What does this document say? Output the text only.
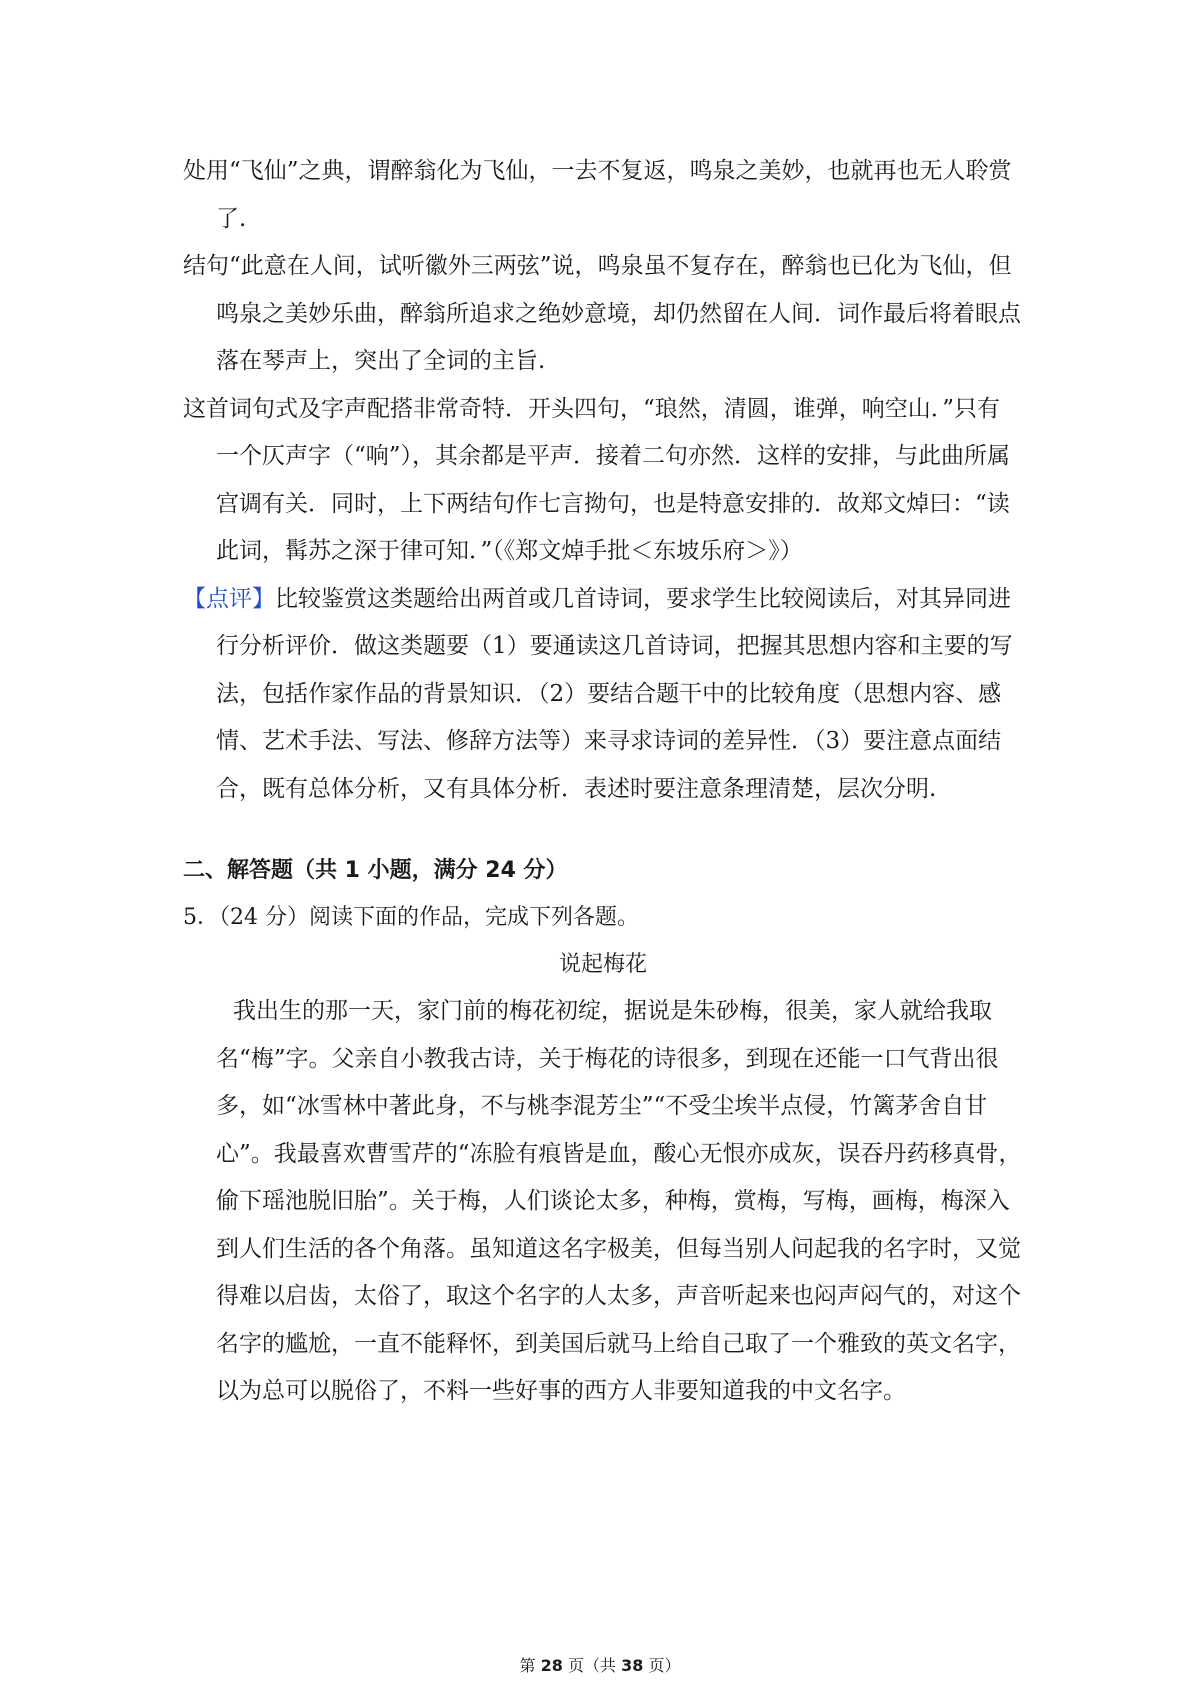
处用“飞仙”之典，谓醉翁化为飞仙，一去不复返，鸣泉之美妙，也就再也无人聆赏了.

结句“此意在人间，试听徽外三两弦”说，鸣泉虽不复存在，醉翁也已化为飞仙，但鸣泉之美妙乐曲，醉翁所追求之绝妙意境，却仍然留在人间．词作最后将着眼点落在琴声上，突出了全词的主旨.

这首词句式及字声配搭非常奇特．开头四句，“琅然，清圆，谁弹，响空山．”只有一个仄声字（“响”），其余都是平声．接着二句亦然．这样的安排，与此曲所属宫调有关．同时，上下两结句作七言拗句，也是特意安排的．故郑文焯曰：“读此词，髯苏之深于律可知．”（《郑文焯手批＜东坡乐府＞》）

【点评】比较鉴赏这类题给出两首或几首诗词，要求学生比较阅读后，对其异同进行分析评价．做这类题要（1）要通读这几首诗词，把握其思想内容和主要的写法，包括作家作品的背景知识．（2）要结合题干中的比较角度（思想内容、感情、艺术手法、写法、修辞方法等）来寻求诗词的差异性．（3）要注意点面结合，既有总体分析，又有具体分析．表述时要注意条理清楚，层次分明.

二、解答题（共 1 小题，满分 24 分）

5．（24 分）阅读下面的作品，完成下列各题。

说起梅花

我出生的那一天，家门前的梅花初绽，据说是朱砂梅，很美，家人就给我取名“梅”字。父亲自小教我古诗，关于梅花的诗很多，到现在还能一口气背出很多，如“冰雪林中著此身，不与桃李混芳尘”“不受尘埃半点侵，竹篱茅舍自甘心”。我最喜欢曹雪芹的“冻脸有痕皆是血，酸心无恨亦成灰，误吞丹药移真骨，偷下瑶池脱旧胎”。关于梅，人们谈论太多，种梅，赏梅，写梅，画梅，梅深入到人们生活的各个角落。虽知道这名字极美，但每当别人问起我的名字时，又觉得难以启齿，太俗了，取这个名字的人太多，声音听起来也闷声闷气的，对这个名字的尴尬，一直不能释怀，到美国后就马上给自己取了一个雅致的英文名字，以为总可以脱俗了，不料一些好事的西方人非要知道我的中文名字。

第 28 页（共 38 页）
